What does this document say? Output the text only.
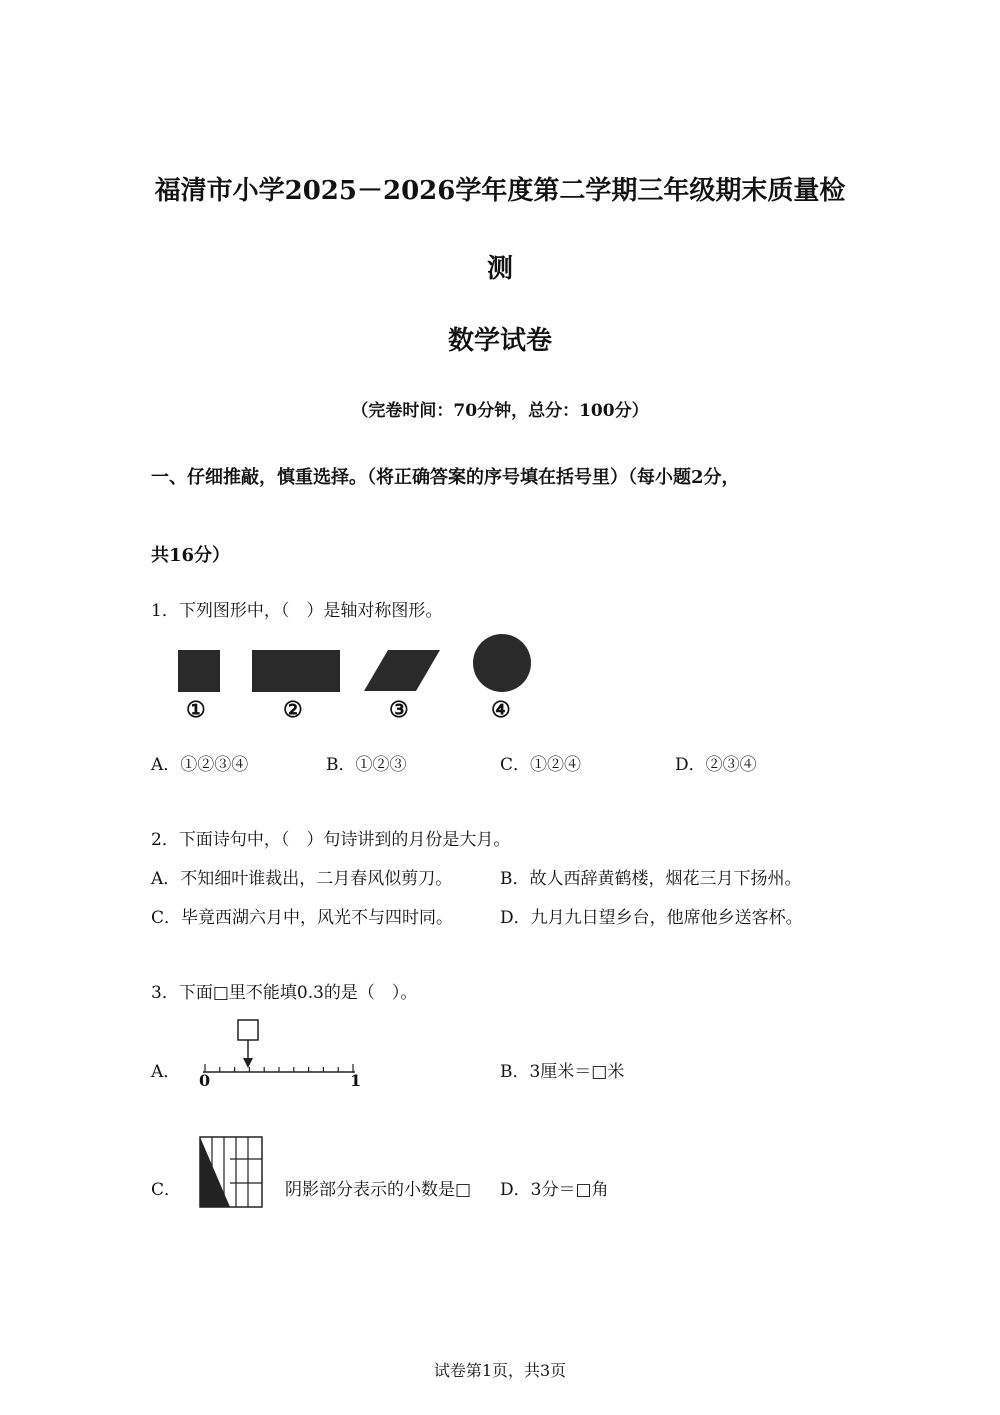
福清市小学2025－2026学年度第二学期三年级期末质量检
测
数学试卷
（完卷时间：70分钟，总分：100分）
一、仔细推敲，慎重选择。（将正确答案的序号填在括号里）（每小题2分，
共16分）
1．下列图形中，（　）是轴对称图形。
①	②	③	④
A．①②③④	B．①②③	C．①②④	D．②③④
2．下面诗句中，（　）句诗讲到的月份是大月。
A．不知细叶谁裁出，二月春风似剪刀。	B．故人西辞黄鹤楼，烟花三月下扬州。
C．毕竟西湖六月中，风光不与四时同。	D．九月九日望乡台，他席他乡送客杯。
3．下面□里不能填0.3的是（　）。
A． 0	1	B．3厘米＝□米
C．	阴影部分表示的小数是□ D．3分＝□角
试卷第1页，共3页
